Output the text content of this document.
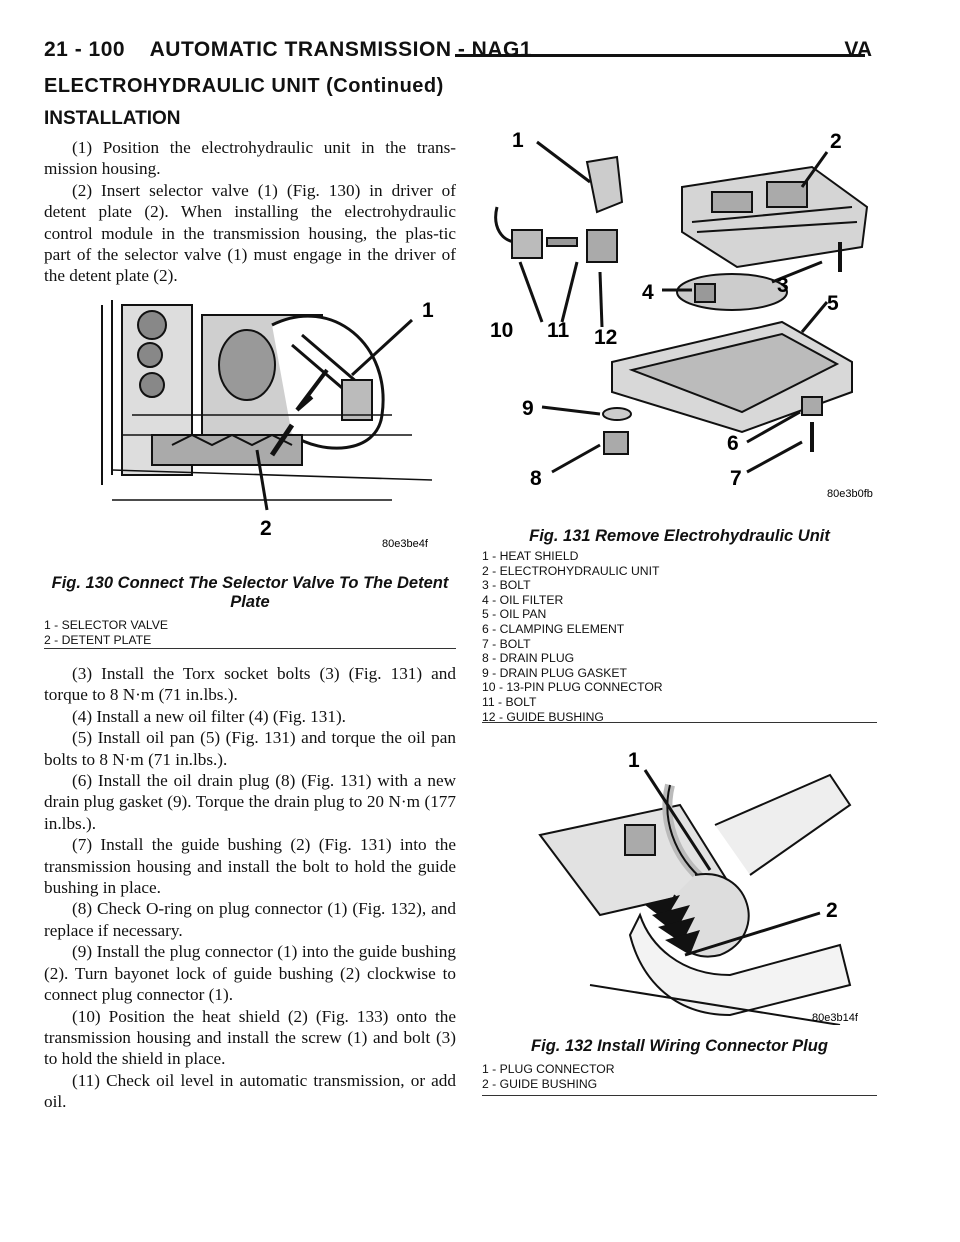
21 - 100 AUTOMATIC TRANSMISSION - NAG1	VA
ELECTROHYDRAULIC UNIT (Continued)
INSTALLATION

(1) Position the electrohydraulic unit in the trans-mission housing.

(2) Insert selector valve (1) (Fig. 130) in driver of detent plate (2). When installing the electrohydraulic control module in the transmission housing, the plas-tic part of the selector valve (1) must engage in the driver of the detent plate (2).

1
2
80e3be4f
Fig. 130 Connect The Selector Valve To The Detent Plate
1 - SELECTOR VALVE
2 - DETENT PLATE

(3) Install the Torx socket bolts (3) (Fig. 131) and torque to 8 N·m (71 in.lbs.).

(4) Install a new oil filter (4) (Fig. 131).

(5) Install oil pan (5) (Fig. 131) and torque the oil pan bolts to 8 N·m (71 in.lbs.).

(6) Install the oil drain plug (8) (Fig. 131) with a new drain plug gasket (9). Torque the drain plug to 20 N·m (177 in.lbs.).

(7) Install the guide bushing (2) (Fig. 131) into the transmission housing and install the bolt to hold the guide bushing in place.

(8) Check O-ring on plug connector (1) (Fig. 132), and replace if necessary.

(9) Install the plug connector (1) into the guide bushing (2). Turn bayonet lock of guide bushing (2) clockwise to connect plug connector (1).

(10) Position the heat shield (2) (Fig. 133) onto the transmission housing and install the screw (1) and bolt (3) to hold the shield in place.

(11) Check oil level in automatic transmission, or add oil.

1	2
3
4	5
6
7
8
9
10 11 12
80e3b0fb
Fig. 131 Remove Electrohydraulic Unit
1 - HEAT SHIELD
2 - ELECTROHYDRAULIC UNIT
3 - BOLT
4 - OIL FILTER
5 - OIL PAN
6 - CLAMPING ELEMENT
7 - BOLT
8 - DRAIN PLUG
9 - DRAIN PLUG GASKET
10 - 13-PIN PLUG CONNECTOR
11 - BOLT
12 - GUIDE BUSHING
1
2
80e3b14f
Fig. 132 Install Wiring Connector Plug
1 - PLUG CONNECTOR
2 - GUIDE BUSHING
